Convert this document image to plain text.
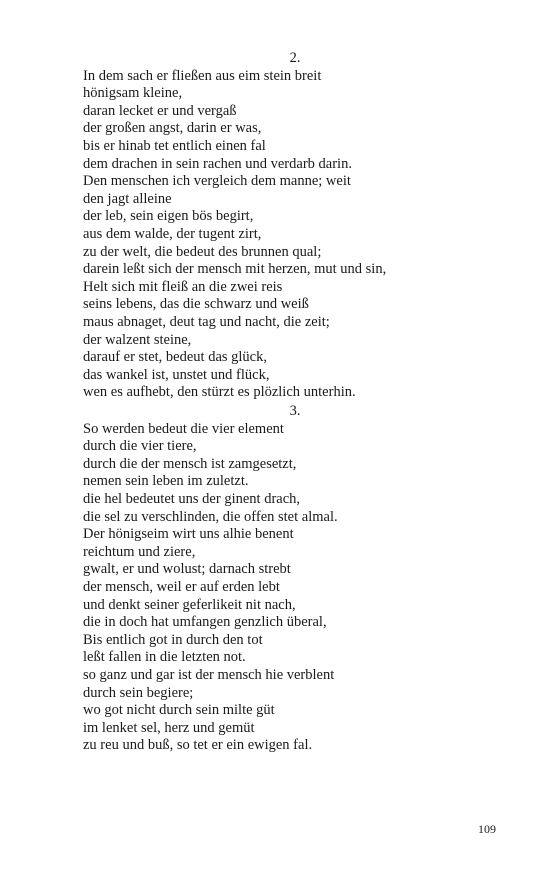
2.
In dem sach er fließen aus eim stein breit
hönigsam kleine,
daran lecket er und vergaß
der großen angst, darin er was,
bis er hinab tet entlich einen fal
dem drachen in sein rachen und verdarb darin.
Den menschen ich vergleich dem manne; weit
den jagt alleine
der leb, sein eigen bös begirt,
aus dem walde, der tugent zirt,
zu der welt, die bedeut des brunnen qual;
darein leßt sich der mensch mit herzen, mut und sin,
Helt sich mit fleiß an die zwei reis
seins lebens, das die schwarz und weiß
maus abnaget, deut tag und nacht, die zeit;
der walzent steine,
darauf er stet, bedeut das glück,
das wankel ist, unstet und flück,
wen es aufhebt, den stürzt es plözlich unterhin.
3.
So werden bedeut die vier element
durch die vier tiere,
durch die der mensch ist zamgesetzt,
nemen sein leben im zuletzt.
die hel bedeutet uns der ginent drach,
die sel zu verschlinden, die offen stet almal.
Der hönigseim wirt uns alhie benent
reichtum und ziere,
gwalt, er und wolust; darnach strebt
der mensch, weil er auf erden lebt
und denkt seiner geferlikeit nit nach,
die in doch hat umfangen genzlich überal,
Bis entlich got in durch den tot
leßt fallen in die letzten not.
so ganz und gar ist der mensch hie verblent
durch sein begiere;
wo got nicht durch sein milte güt
im lenket sel, herz und gemüt
zu reu und buß, so tet er ein ewigen fal.
109
